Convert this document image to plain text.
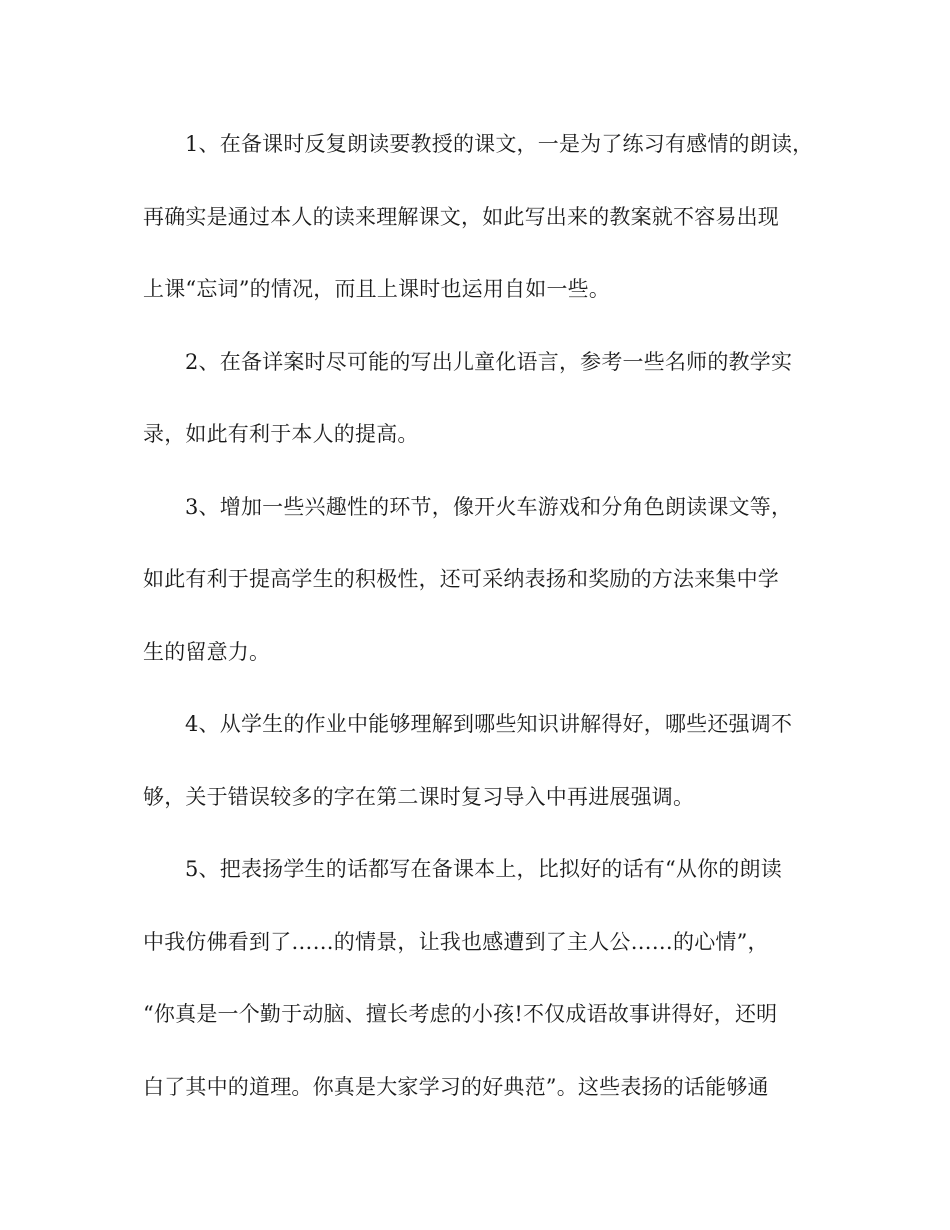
1、在备课时反复朗读要教授的课文，一是为了练习有感情的朗读，
再确实是通过本人的读来理解课文，如此写出来的教案就不容易出现
上课“忘词”的情况，而且上课时也运用自如一些。
2、在备详案时尽可能的写出儿童化语言，参考一些名师的教学实
录，如此有利于本人的提高。
3、增加一些兴趣性的环节，像开火车游戏和分角色朗读课文等，
如此有利于提高学生的积极性，还可采纳表扬和奖励的方法来集中学
生的留意力。
4、从学生的作业中能够理解到哪些知识讲解得好，哪些还强调不
够，关于错误较多的字在第二课时复习导入中再进展强调。
5、把表扬学生的话都写在备课本上，比拟好的话有“从你的朗读
中我仿佛看到了……的情景，让我也感遭到了主人公……的心情”，
“你真是一个勤于动脑、擅长考虑的小孩!不仅成语故事讲得好，还明
白了其中的道理。你真是大家学习的好典范”。这些表扬的话能够通
